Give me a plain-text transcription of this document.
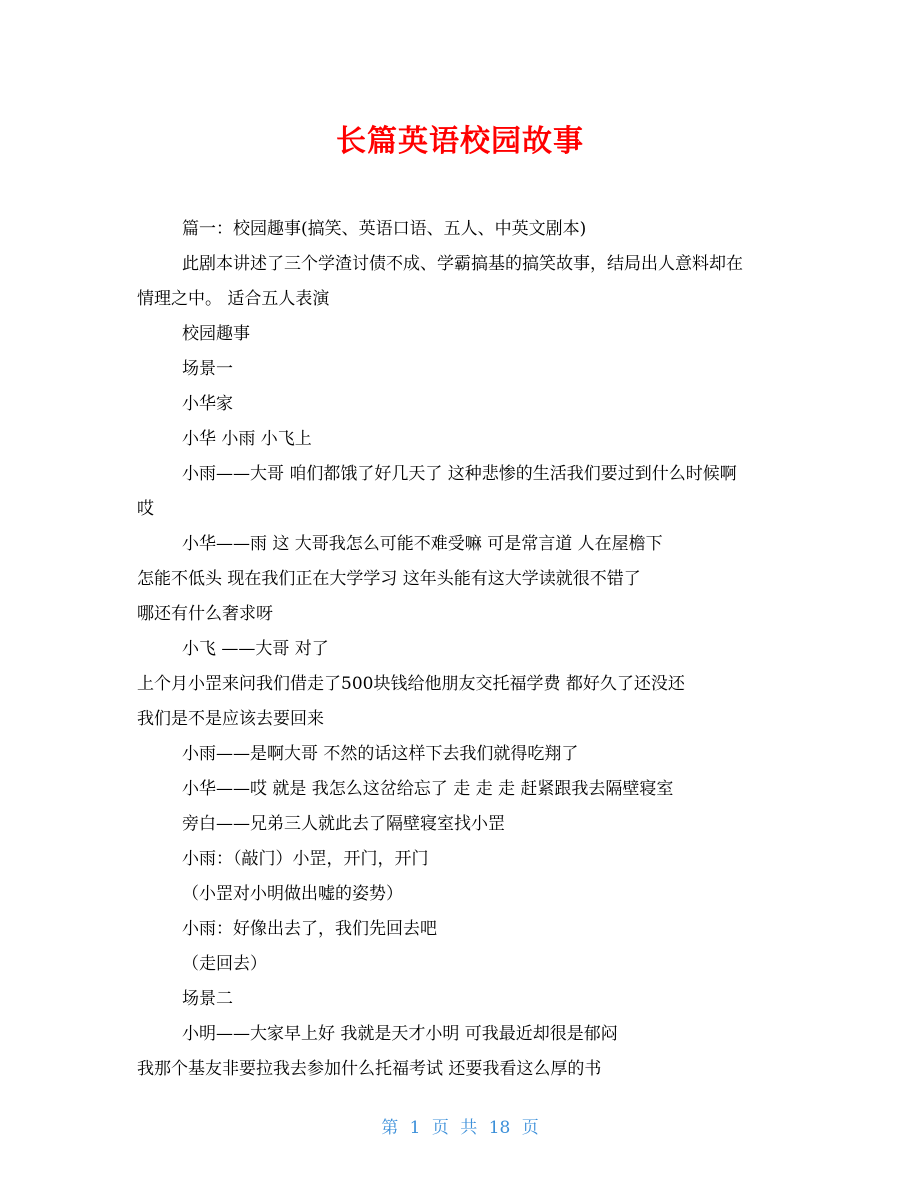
长篇英语校园故事
篇一：校园趣事(搞笑、英语口语、五人、中英文剧本)
此剧本讲述了三个学渣讨债不成、学霸搞基的搞笑故事，结局出人意料却在
情理之中。 适合五人表演
校园趣事
场景一
小华家
小华 小雨 小飞上
小雨——大哥 咱们都饿了好几天了 这种悲惨的生活我们要过到什么时候啊
哎
小华——雨 这 大哥我怎么可能不难受嘛 可是常言道 人在屋檐下
怎能不低头 现在我们正在大学学习 这年头能有这大学读就很不错了
哪还有什么奢求呀
小飞 ——大哥 对了
上个月小罡来问我们借走了500块钱给他朋友交托福学费 都好久了还没还
我们是不是应该去要回来
小雨——是啊大哥 不然的话这样下去我们就得吃翔了
小华——哎 就是 我怎么这岔给忘了 走 走 走 赶紧跟我去隔壁寝室
旁白——兄弟三人就此去了隔壁寝室找小罡
小雨：（敲门）小罡，开门，开门
（小罡对小明做出嘘的姿势）
小雨：好像出去了，我们先回去吧
（走回去）
场景二
小明——大家早上好 我就是天才小明 可我最近却很是郁闷
我那个基友非要拉我去参加什么托福考试 还要我看这么厚的书
第 1 页 共 18 页
